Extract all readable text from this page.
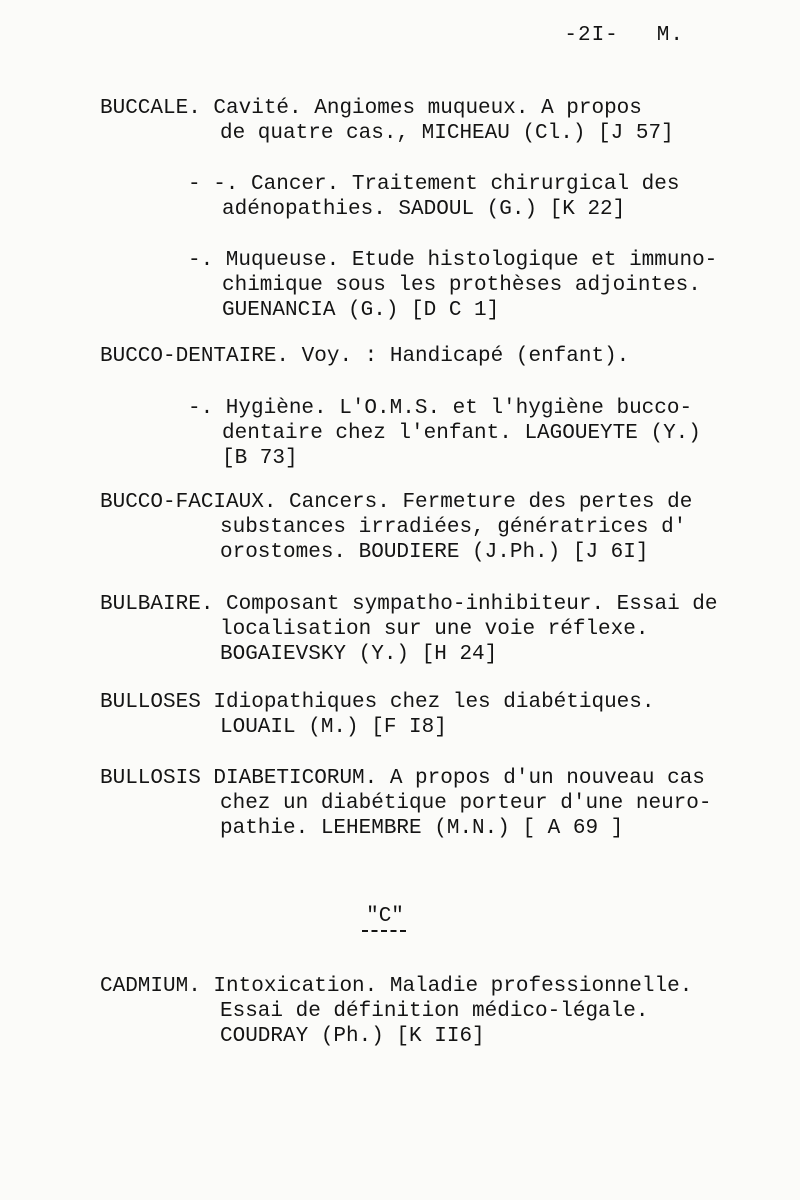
-2I- M.
BUCCALE. Cavité. Angiomes muqueux. A propos
de quatre cas., MICHEAU (Cl.) [J 57]
- -. Cancer. Traitement chirurgical des
adénopathies. SADOUL (G.) [K 22]
-. Muqueuse. Etude histologique et immuno-
chimique sous les prothèses adjointes.
GUENANCIA (G.) [D C 1]
BUCCO-DENTAIRE. Voy. : Handicapé (enfant).
-. Hygiène. L'O.M.S. et l'hygiène bucco-
dentaire chez l'enfant. LAGOUEYTE (Y.)
[B 73]
BUCCO-FACIAUX. Cancers. Fermeture des pertes de
substances irradiées, génératrices d'
orostomes. BOUDIERE (J.Ph.) [J 6I]
BULBAIRE. Composant sympatho-inhibiteur. Essai de
localisation sur une voie réflexe.
BOGAIEVSKY (Y.) [H 24]
BULLOSES Idiopathiques chez les diabétiques.
LOUAIL (M.) [F I8]
BULLOSIS DIABETICORUM. A propos d'un nouveau cas
chez un diabétique porteur d'une neuro-
pathie. LEHEMBRE (M.N.) [ A 69 ]
"C"
CADMIUM. Intoxication. Maladie professionnelle.
Essai de définition médico-légale.
COUDRAY (Ph.) [K II6]
